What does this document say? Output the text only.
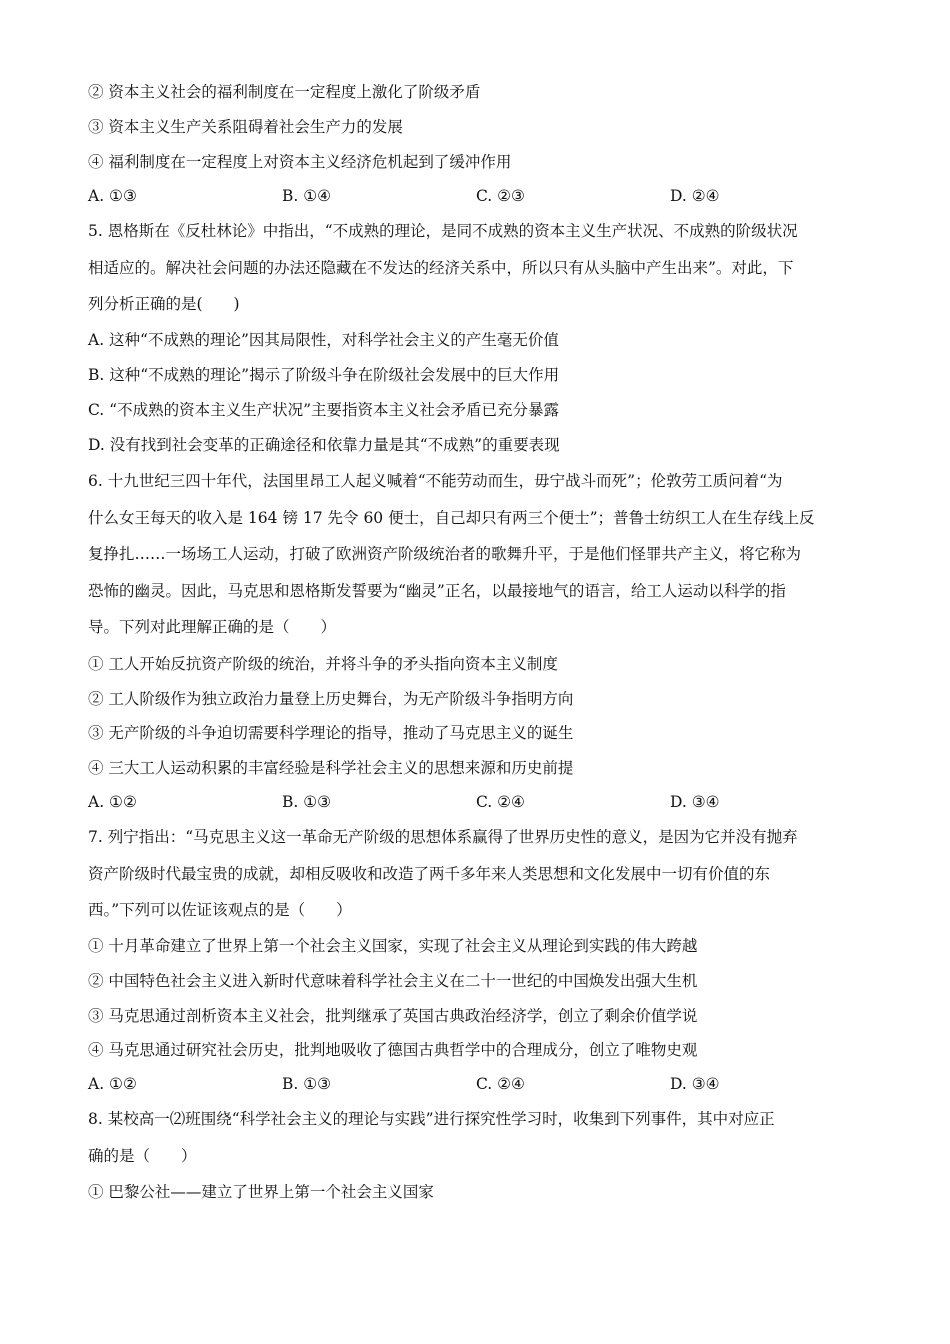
② 资本主义社会的福利制度在一定程度上激化了阶级矛盾
③ 资本主义生产关系阻碍着社会生产力的发展
④ 福利制度在一定程度上对资本主义经济危机起到了缓冲作用
A. ①③	B. ①④	C. ②③	D. ②④
5. 恩格斯在《反杜林论》中指出，“不成熟的理论，是同不成熟的资本主义生产状况、不成熟的阶级状况
相适应的。解决社会问题的办法还隐藏在不发达的经济关系中，所以只有从头脑中产生出来”。对此，下
列分析正确的是(　　)
A. 这种“不成熟的理论”因其局限性，对科学社会主义的产生毫无价值
B. 这种“不成熟的理论”揭示了阶级斗争在阶级社会发展中的巨大作用
C. “不成熟的资本主义生产状况”主要指资本主义社会矛盾已充分暴露
D. 没有找到社会变革的正确途径和依靠力量是其“不成熟”的重要表现
6. 十九世纪三四十年代，法国里昂工人起义喊着“不能劳动而生，毋宁战斗而死”；伦敦劳工质问着“为
什么女王每天的收入是 164 镑 17 先令 60 便士，自己却只有两三个便士”；普鲁士纺织工人在生存线上反
复挣扎……一场场工人运动，打破了欧洲资产阶级统治者的歌舞升平，于是他们怪罪共产主义，将它称为
恐怖的幽灵。因此，马克思和恩格斯发誓要为“幽灵”正名，以最接地气的语言，给工人运动以科学的指
导。下列对此理解正确的是（　　）
① 工人开始反抗资产阶级的统治，并将斗争的矛头指向资本主义制度
② 工人阶级作为独立政治力量登上历史舞台，为无产阶级斗争指明方向
③ 无产阶级的斗争迫切需要科学理论的指导，推动了马克思主义的诞生
④ 三大工人运动积累的丰富经验是科学社会主义的思想来源和历史前提
A. ①②	B. ①③	C. ②④	D. ③④
7. 列宁指出：“马克思主义这一革命无产阶级的思想体系赢得了世界历史性的意义，是因为它并没有抛弃
资产阶级时代最宝贵的成就，却相反吸收和改造了两千多年来人类思想和文化发展中一切有价值的东
西。”下列可以佐证该观点的是（　　）
① 十月革命建立了世界上第一个社会主义国家，实现了社会主义从理论到实践的伟大跨越
② 中国特色社会主义进入新时代意味着科学社会主义在二十一世纪的中国焕发出强大生机
③ 马克思通过剖析资本主义社会，批判继承了英国古典政治经济学，创立了剩余价值学说
④ 马克思通过研究社会历史，批判地吸收了德国古典哲学中的合理成分，创立了唯物史观
A. ①②	B. ①③	C. ②④	D. ③④
8. 某校高一⑵班围绕“科学社会主义的理论与实践”进行探究性学习时，收集到下列事件，其中对应正
确的是（　　）
① 巴黎公社——建立了世界上第一个社会主义国家
